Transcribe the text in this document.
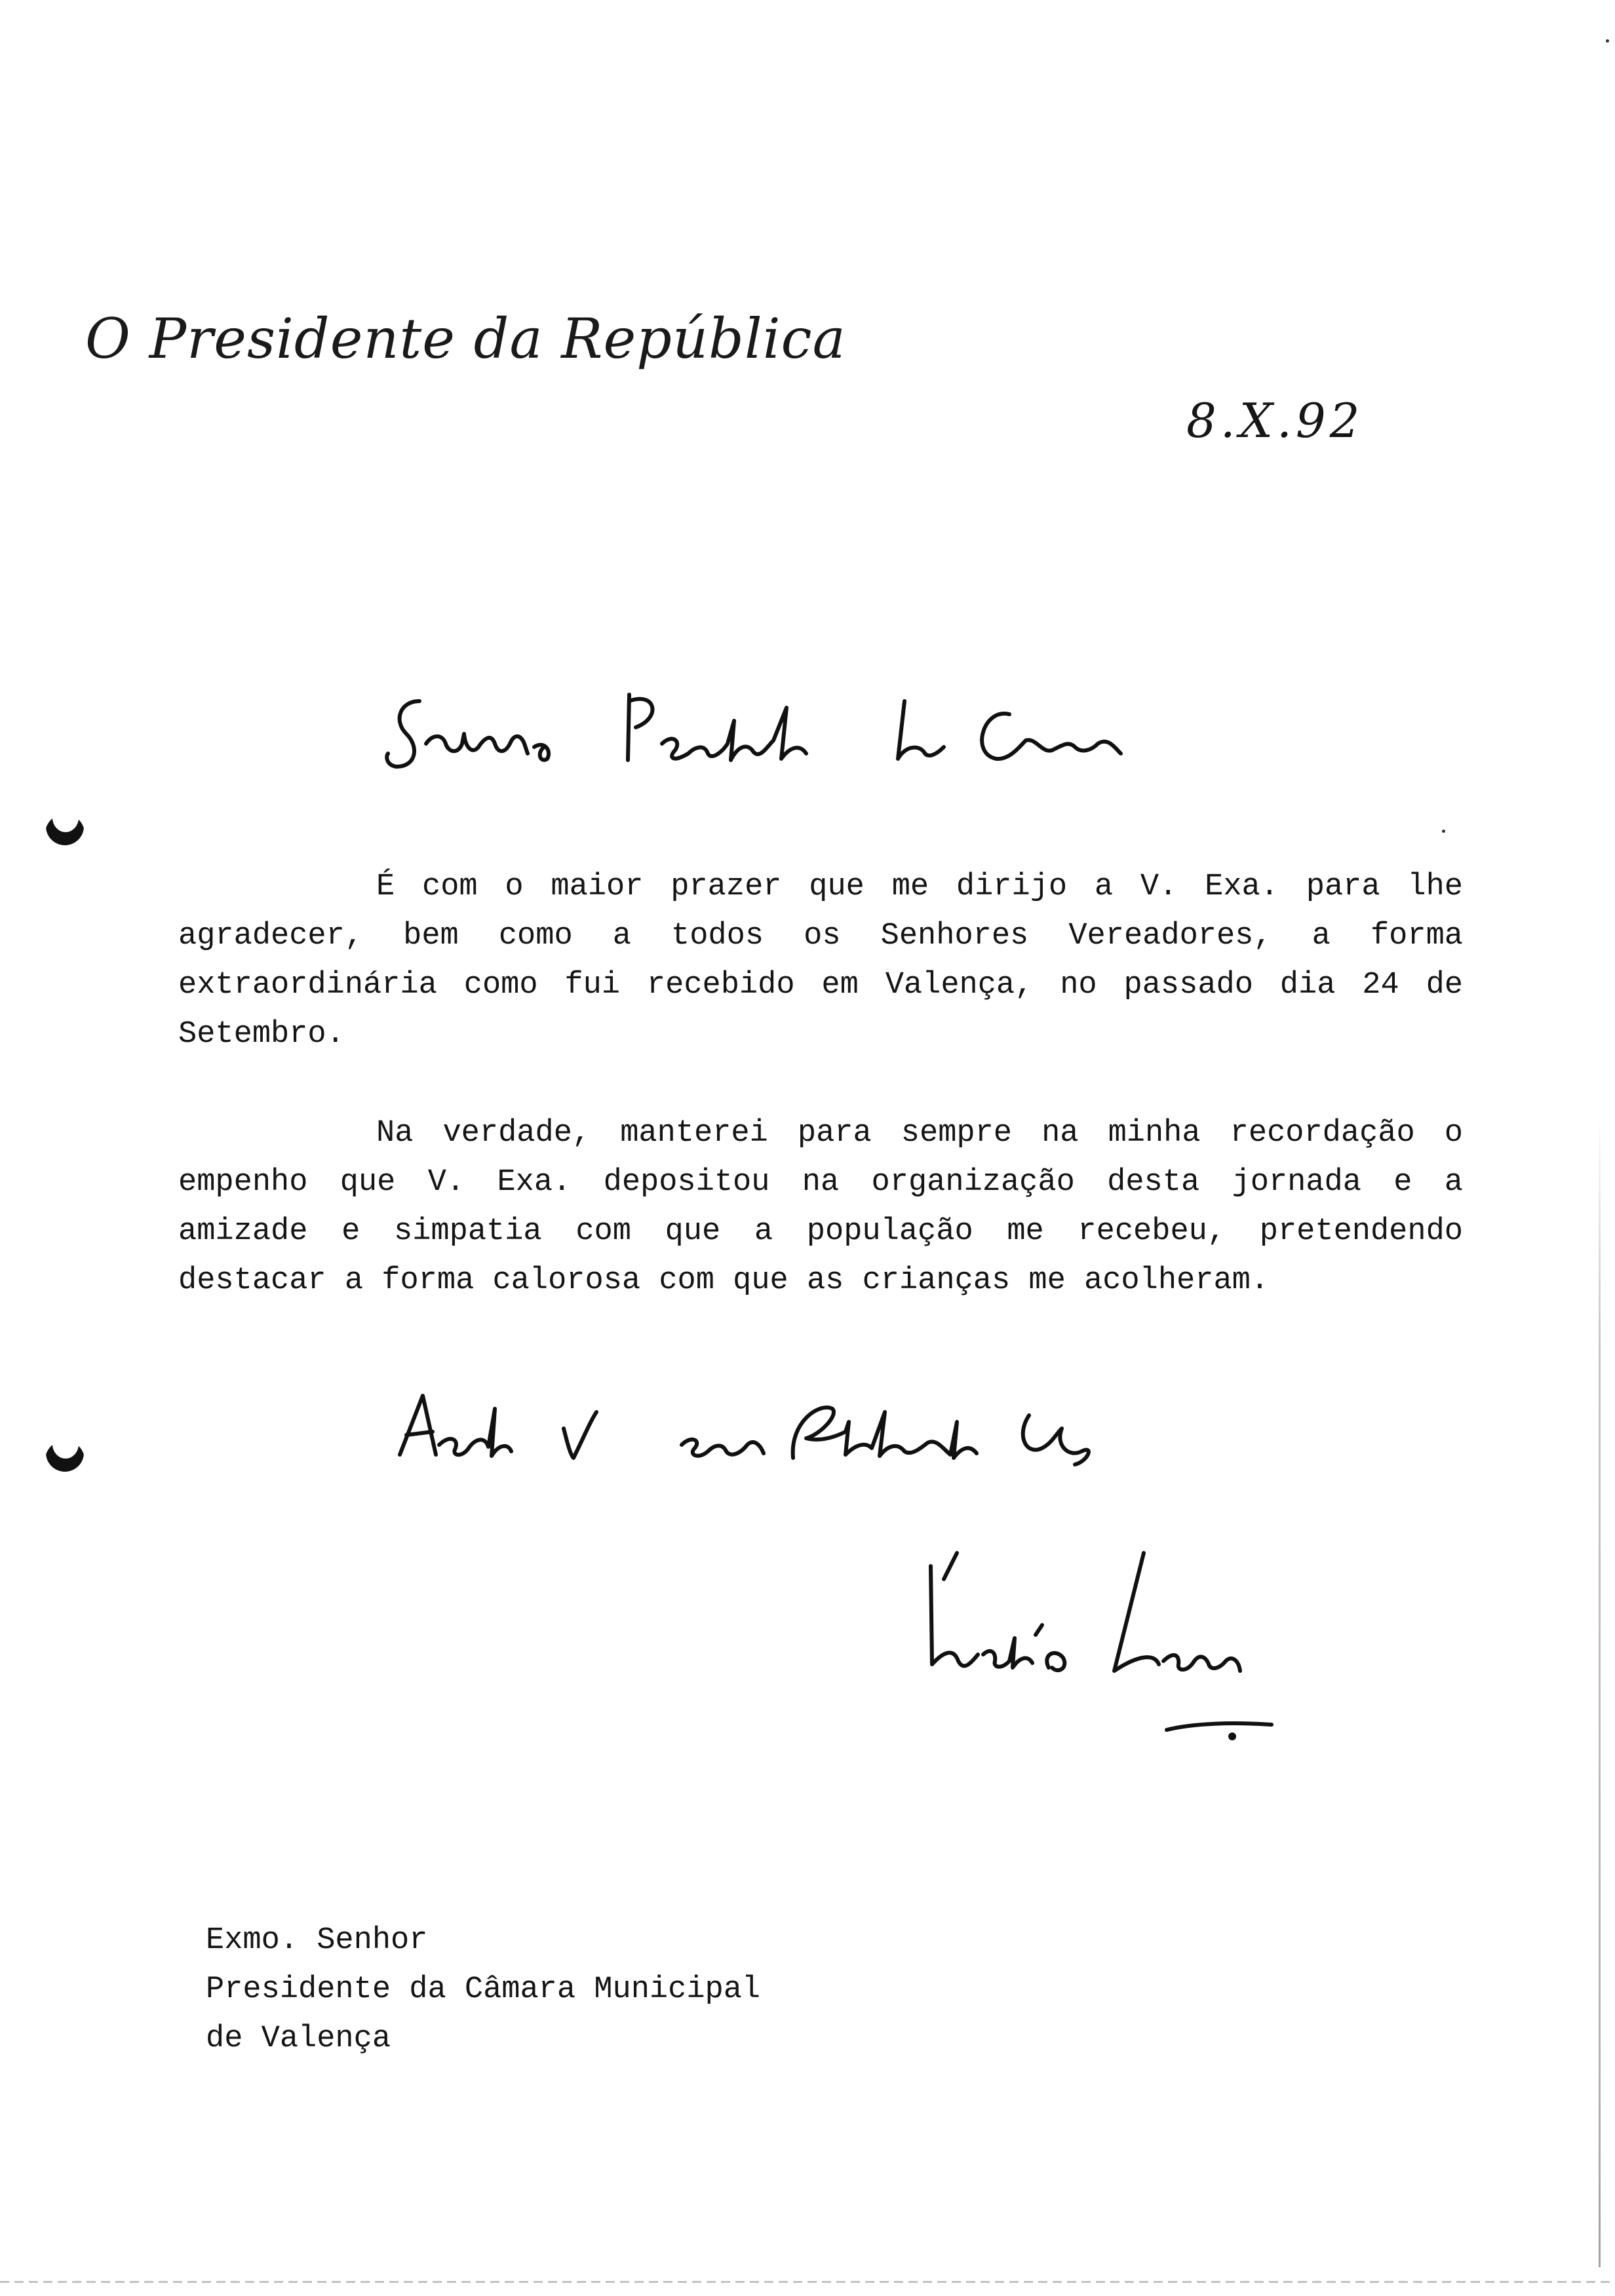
O Presidente da República
8.X.92

É com o maior prazer que me dirijo a V. Exa. para lhe agradecer, bem como a todos os Senhores Vereadores, a forma extraordinária como fui recebido em Valença, no passado dia 24 de Setembro.

Na verdade, manterei para sempre na minha recordação o empenho que V. Exa. depositou na organização desta jornada e a amizade e simpatia com que a população me recebeu, pretendendo destacar a forma calorosa com que as crianças me acolheram.

Exmo. Senhor
Presidente da Câmara Municipal
de Valença
